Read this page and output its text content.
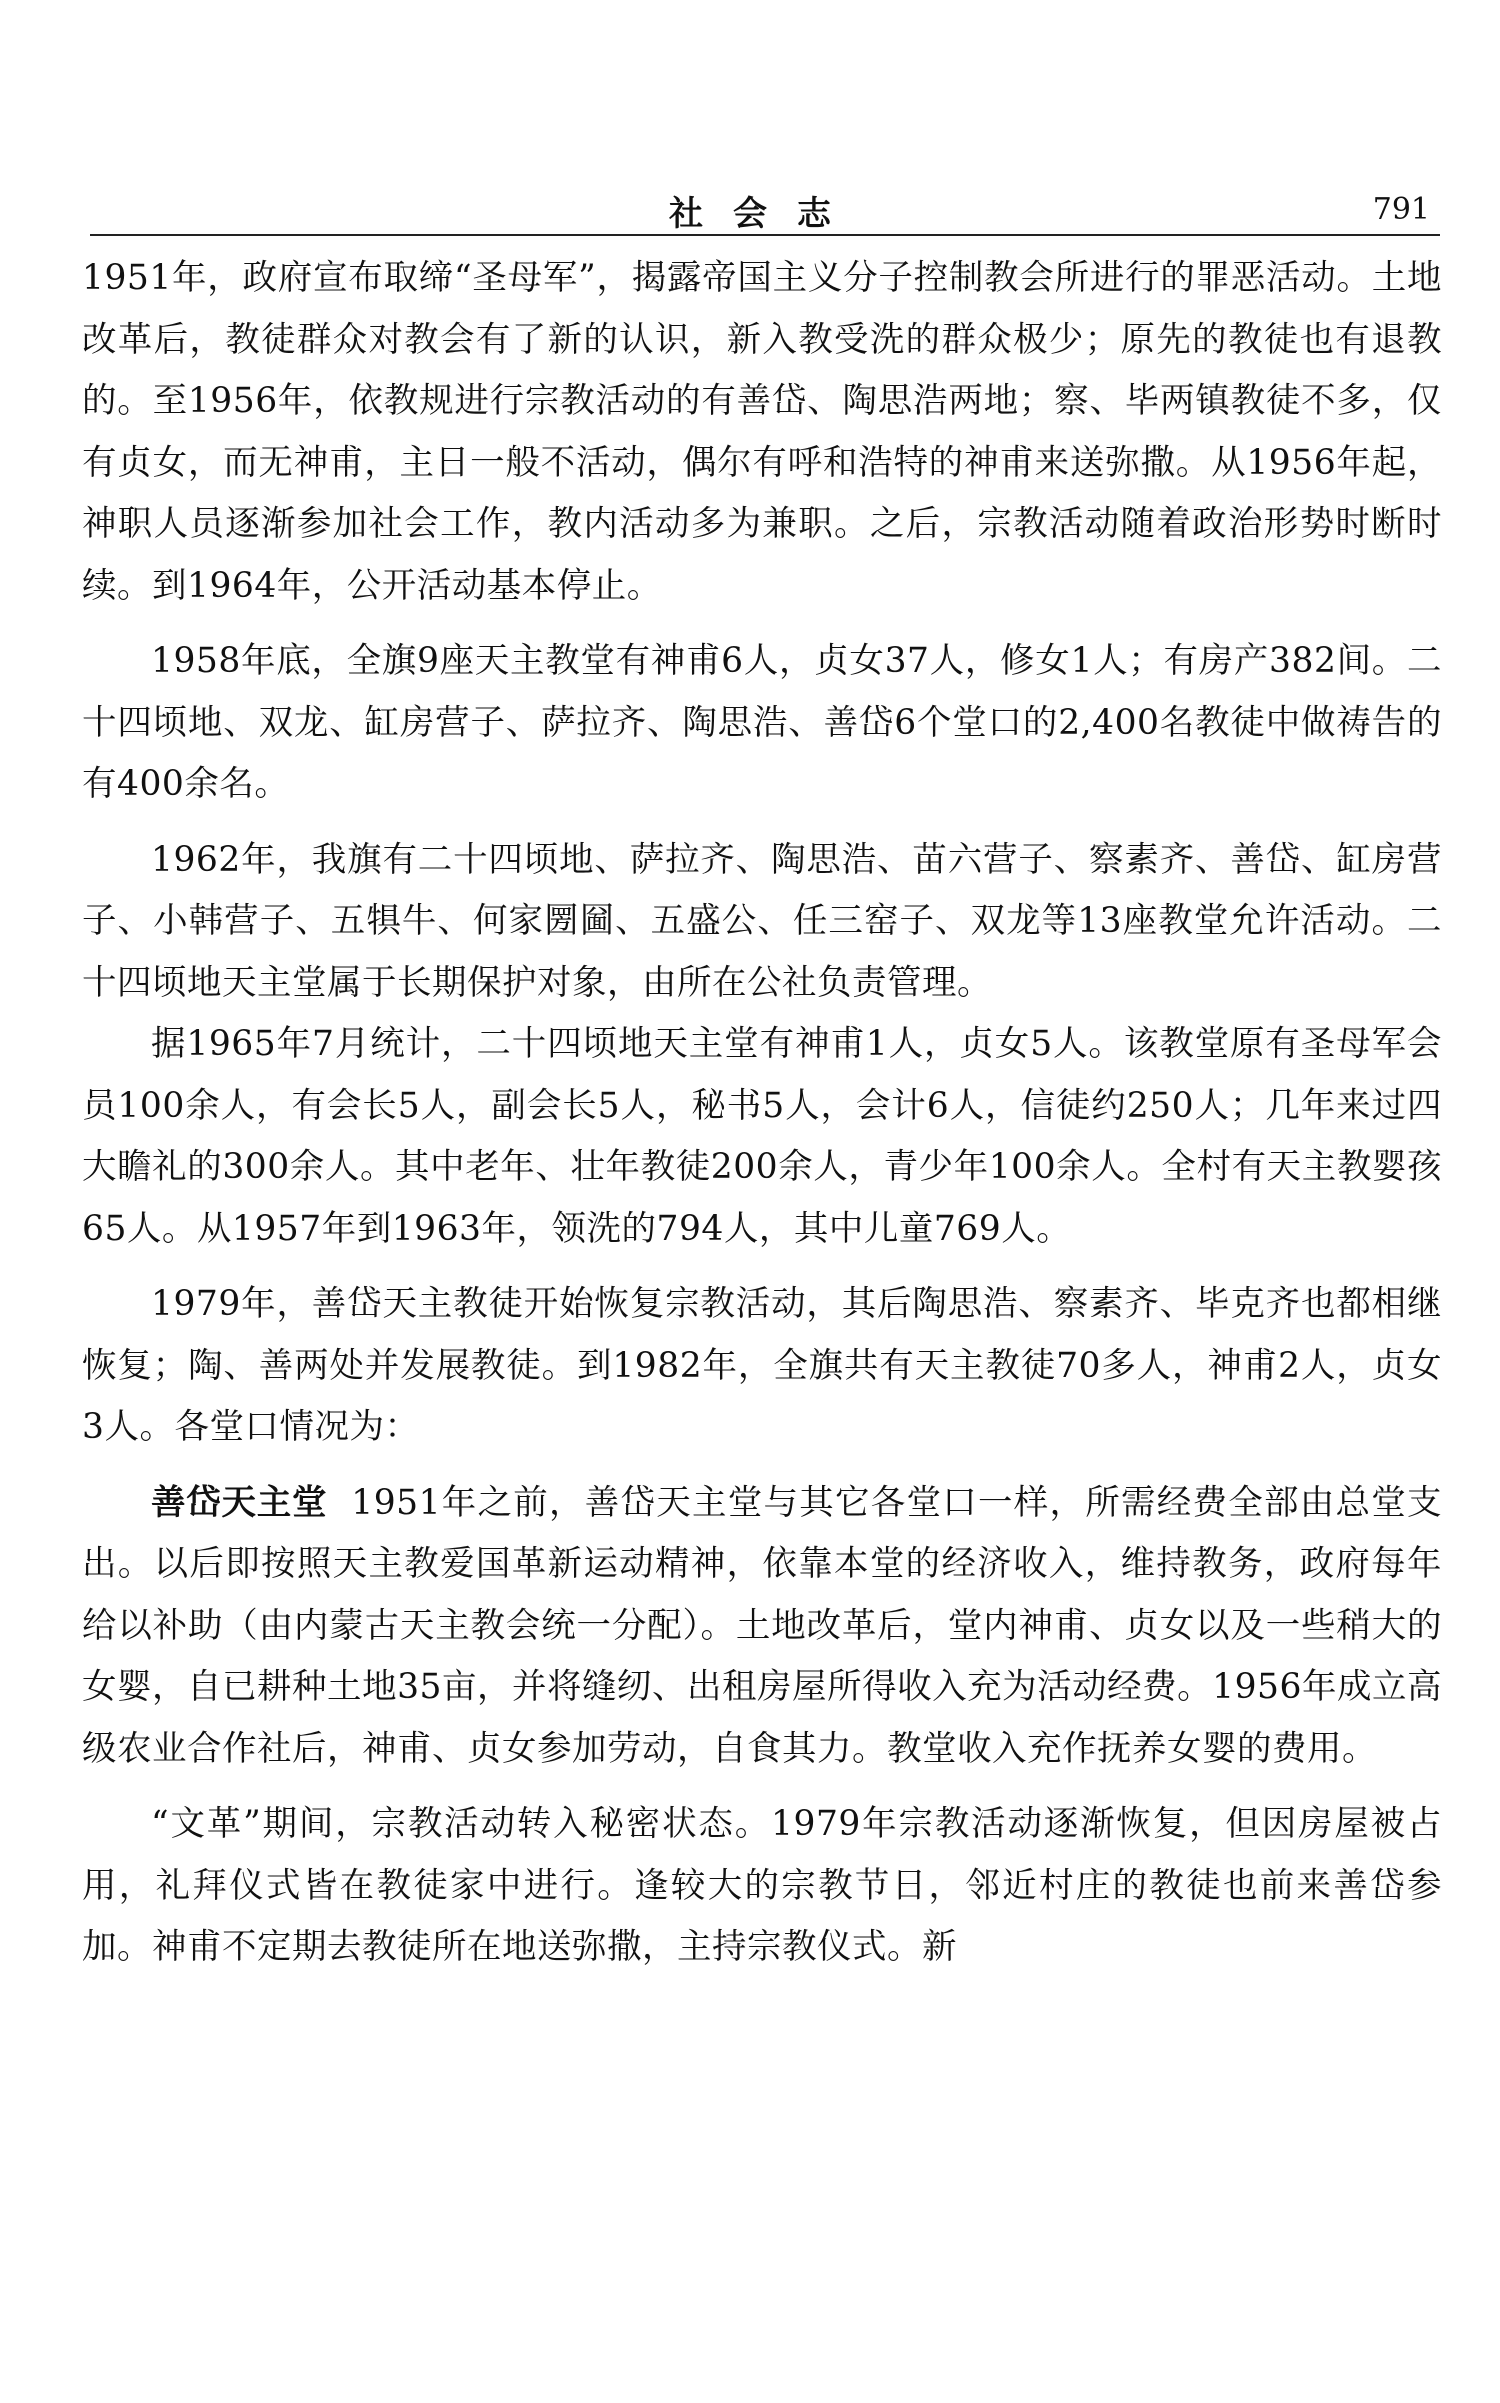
社会志	791

1951年，政府宣布取缔“圣母军”，揭露帝国主义分子控制教会所进行的罪恶活动。土地改革后，教徒群众对教会有了新的认识，新入教受洗的群众极少；原先的教徒也有退教的。至1956年，依教规进行宗教活动的有善岱、陶思浩两地；察、毕两镇教徒不多，仅有贞女，而无神甫，主日一般不活动，偶尔有呼和浩特的神甫来送弥撒。从1956年起，神职人员逐渐参加社会工作，教内活动多为兼职。之后，宗教活动随着政治形势时断时续。到1964年，公开活动基本停止。

1958年底，全旗9座天主教堂有神甫6人，贞女37人，修女1人；有房产382间。二十四顷地、双龙、缸房营子、萨拉齐、陶思浩、善岱6个堂口的2,400名教徒中做祷告的有400余名。

1962年，我旗有二十四顷地、萨拉齐、陶思浩、苗六营子、察素齐、善岱、缸房营子、小韩营子、五犋牛、何家圐圙、五盛公、任三窑子、双龙等13座教堂允许活动。二十四顷地天主堂属于长期保护对象，由所在公社负责管理。

据1965年7月统计，二十四顷地天主堂有神甫1人，贞女5人。该教堂原有圣母军会员100余人，有会长5人，副会长5人，秘书5人，会计6人，信徒约250人；几年来过四大瞻礼的300余人。其中老年、壮年教徒200余人，青少年100余人。全村有天主教婴孩65人。从1957年到1963年，领洗的794人，其中儿童769人。

1979年，善岱天主教徒开始恢复宗教活动，其后陶思浩、察素齐、毕克齐也都相继恢复；陶、善两处并发展教徒。到1982年，全旗共有天主教徒70多人，神甫2人，贞女3人。各堂口情况为：

善岱天主堂 1951年之前，善岱天主堂与其它各堂口一样，所需经费全部由总堂支出。以后即按照天主教爱国革新运动精神，依靠本堂的经济收入，维持教务，政府每年给以补助（由内蒙古天主教会统一分配）。土地改革后，堂内神甫、贞女以及一些稍大的女婴，自已耕种土地35亩，并将缝纫、出租房屋所得收入充为活动经费。1956年成立高级农业合作社后，神甫、贞女参加劳动，自食其力。教堂收入充作抚养女婴的费用。

“文革”期间，宗教活动转入秘密状态。1979年宗教活动逐渐恢复，但因房屋被占用，礼拜仪式皆在教徒家中进行。逢较大的宗教节日，邻近村庄的教徒也前来善岱参加。神甫不定期去教徒所在地送弥撒，主持宗教仪式。新
